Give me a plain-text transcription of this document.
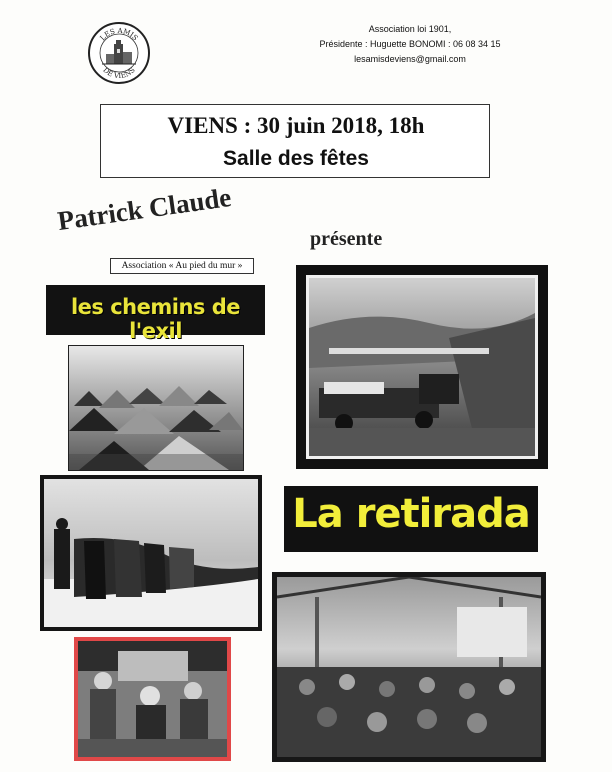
LES AMIS
DE VIENS
Association loi 1901,
Présidente : Huguette BONOMI : 06 08 34 15
lesamisdeviens@gmail.com
VIENS : 30 juin 2018, 18h
Salle des fêtes
Patrick Claude
présente
Association « Au pied du mur »
les chemins de l'exil
La retirada
